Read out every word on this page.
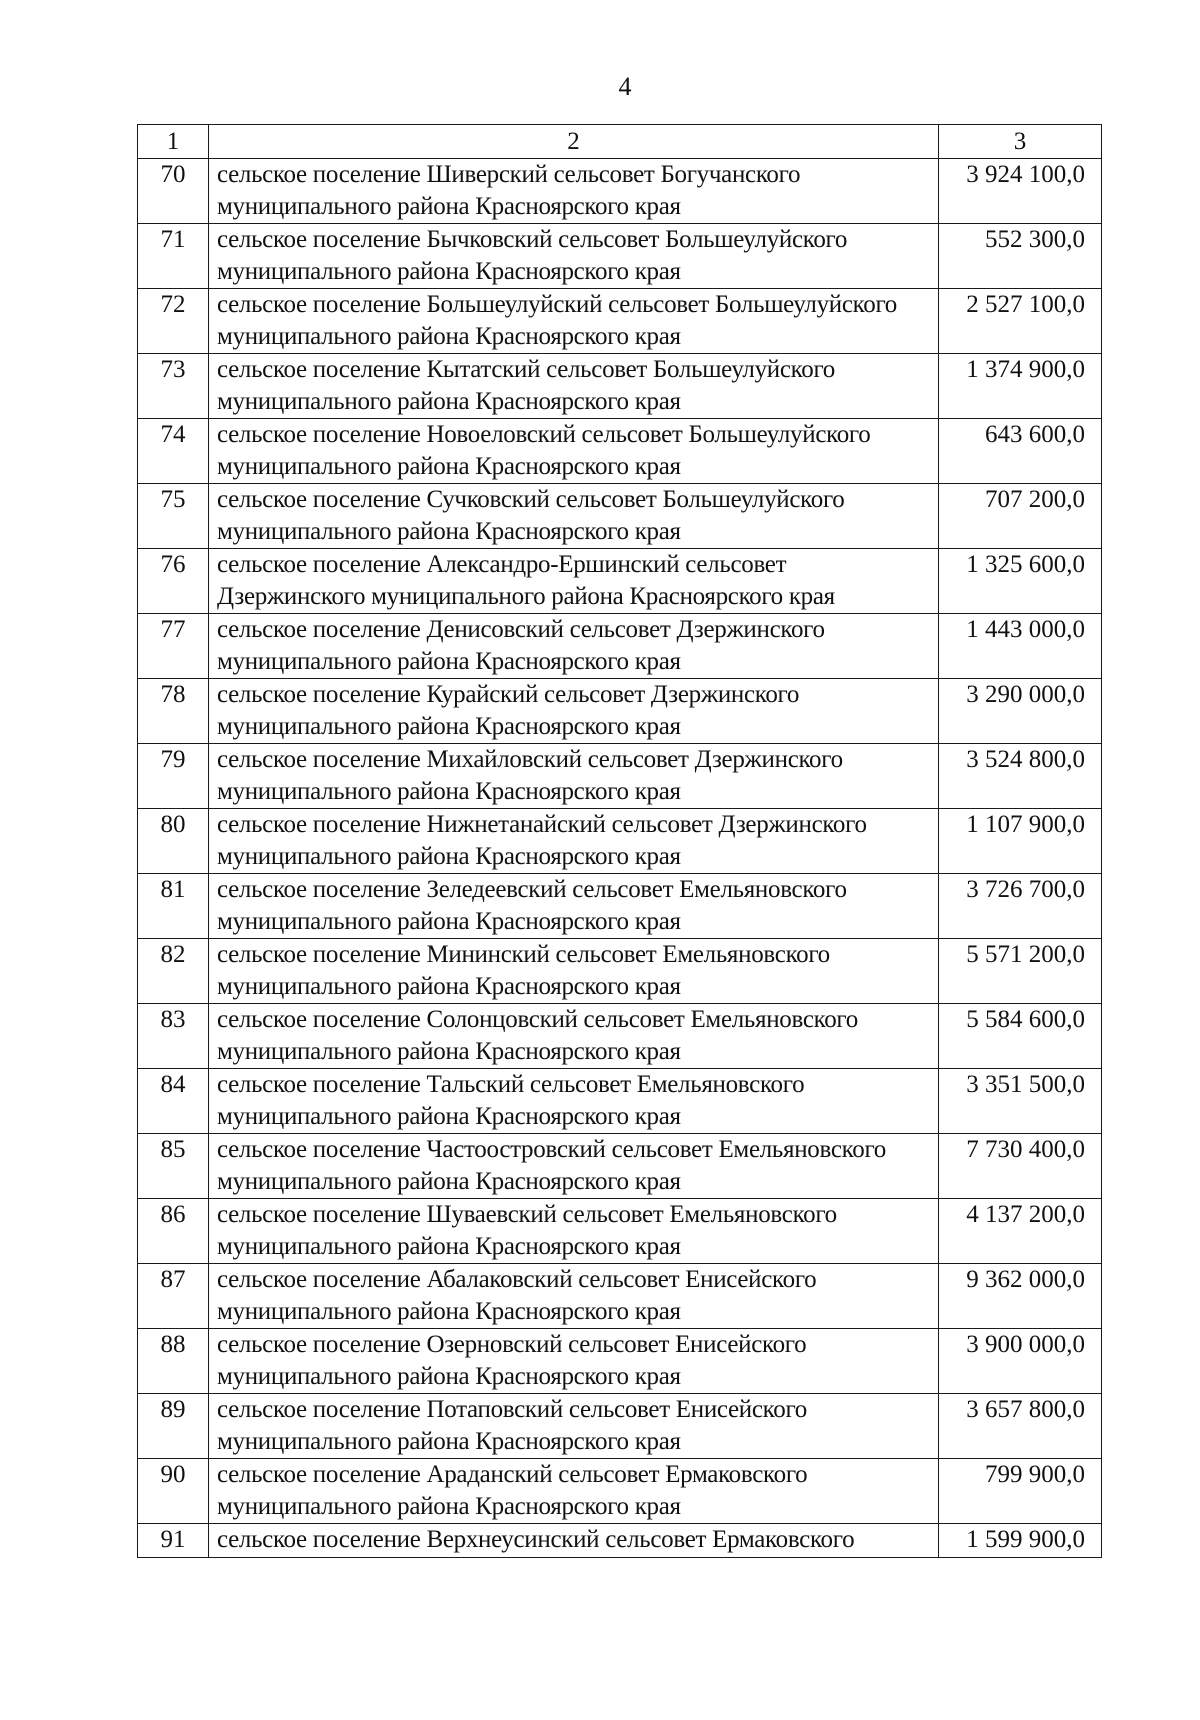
4
1	2	3
70	сельское поселение Шиверский сельсовет Богучанского муниципального района Красноярского края	3 924 100,0
71	сельское поселение Бычковский сельсовет Большеулуйского муниципального района Красноярского края	552 300,0
72	сельское поселение Большеулуйский сельсовет Большеулуйского муниципального района Красноярского края	2 527 100,0
73	сельское поселение Кытатский сельсовет Большеулуйского муниципального района Красноярского края	1 374 900,0
74	сельское поселение Новоеловский сельсовет Большеулуйского муниципального района Красноярского края	643 600,0
75	сельское поселение Сучковский сельсовет Большеулуйского муниципального района Красноярского края	707 200,0
76	сельское поселение Александро-Ершинский сельсовет Дзержинского муниципального района Красноярского края	1 325 600,0
77	сельское поселение Денисовский сельсовет Дзержинского муниципального района Красноярского края	1 443 000,0
78	сельское поселение Курайский сельсовет Дзержинского муниципального района Красноярского края	3 290 000,0
79	сельское поселение Михайловский сельсовет Дзержинского муниципального района Красноярского края	3 524 800,0
80	сельское поселение Нижнетанайский сельсовет Дзержинского муниципального района Красноярского края	1 107 900,0
81	сельское поселение Зеледеевский сельсовет Емельяновского муниципального района Красноярского края	3 726 700,0
82	сельское поселение Мининский сельсовет Емельяновского муниципального района Красноярского края	5 571 200,0
83	сельское поселение Солонцовский сельсовет Емельяновского муниципального района Красноярского края	5 584 600,0
84	сельское поселение Тальский сельсовет Емельяновского муниципального района Красноярского края	3 351 500,0
85	сельское поселение Частоостровский сельсовет Емельяновского муниципального района Красноярского края	7 730 400,0
86	сельское поселение Шуваевский сельсовет Емельяновского муниципального района Красноярского края	4 137 200,0
87	сельское поселение Абалаковский сельсовет Енисейского муниципального района Красноярского края	9 362 000,0
88	сельское поселение Озерновский сельсовет Енисейского муниципального района Красноярского края	3 900 000,0
89	сельское поселение Потаповский сельсовет Енисейского муниципального района Красноярского края	3 657 800,0
90	сельское поселение Араданский сельсовет Ермаковского муниципального района Красноярского края	799 900,0
91	сельское поселение Верхнеусинский сельсовет Ермаковского	1 599 900,0
